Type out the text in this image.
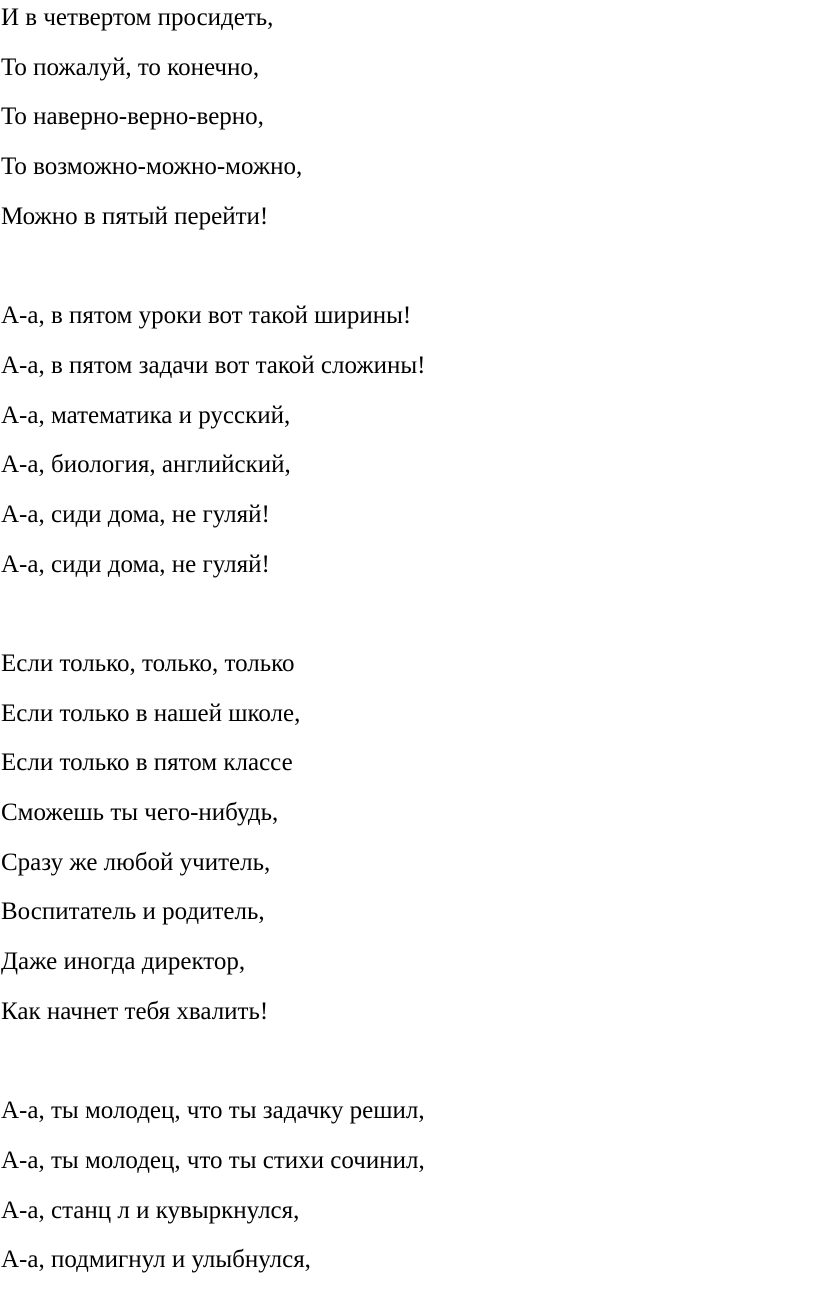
И в четвертом просидеть,
То пожалуй, то конечно,
То наверно-верно-верно,
То возможно-можно-можно,
Можно в пятый перейти!
А-а, в пятом уроки вот такой ширины!
А-а, в пятом задачи вот такой сложины!
А-а, математика и русский,
А-а, биология, английский,
А-а, сиди дома, не гуляй!
А-а, сиди дома, не гуляй!
Если только, только, только
Если только в нашей школе,
Если только в пятом классе
Сможешь ты чего-нибудь,
Сразу же любой учитель,
Воспитатель и родитель,
Даже иногда директор,
Как начнет тебя хвалить!
А-а, ты молодец, что ты задачку решил,
А-а, ты молодец, что ты стихи сочинил,
А-а, станц л и кувыркнулся,
А-а, подмигнул и улыбнулся,
